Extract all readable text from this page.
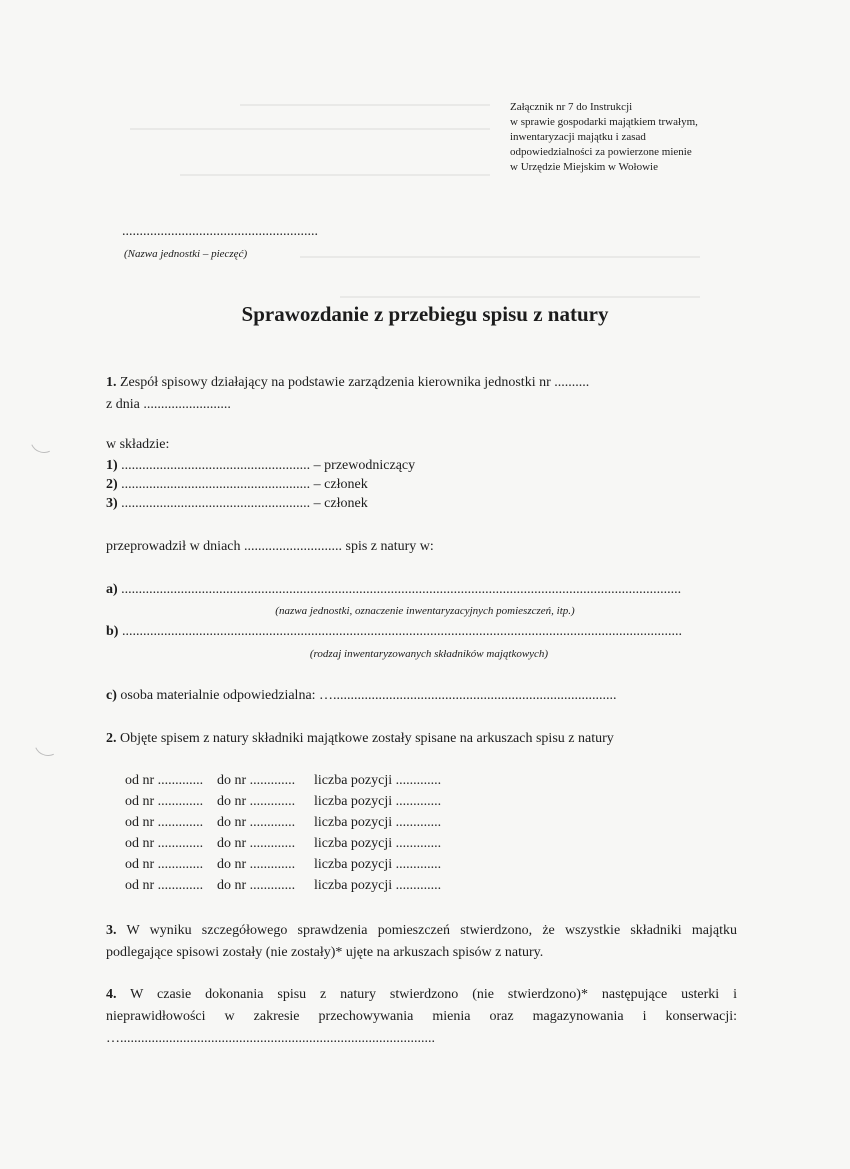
Załącznik nr 7 do Instrukcji
w sprawie gospodarki majątkiem trwałym,
inwentaryzacji majątku i zasad
odpowiedzialności za powierzone mienie
w Urzędzie Miejskim w Wołowie
........................................................
(Nazwa jednostki – pieczęć)
Sprawozdanie z przebiegu spisu z natury
1. Zespół spisowy działający na podstawie zarządzenia kierownika jednostki nr ..........
z dnia .........................
w składzie:
1) ...................................................... – przewodniczący
2) ...................................................... – członek
3) ...................................................... – członek
przeprowadził w dniach ............................ spis z natury w:
a) ................................................................................................................................................................
(nazwa jednostki, oznaczenie inwentaryzacyjnych pomieszczeń, itp.)
b) ................................................................................................................................................................
(rodzaj inwentaryzowanych składników majątkowych)
c) osoba materialnie odpowiedzialna: ….................................................................................
2. Objęte spisem z natury składniki majątkowe zostały spisane na arkuszach spisu z natury
od nr ............. do nr ............. liczba pozycji .............
od nr ............. do nr ............. liczba pozycji .............
od nr ............. do nr ............. liczba pozycji .............
od nr ............. do nr ............. liczba pozycji .............
od nr ............. do nr ............. liczba pozycji .............
od nr ............. do nr ............. liczba pozycji .............
3. W wyniku szczegółowego sprawdzenia pomieszczeń stwierdzono, że wszystkie składniki majątku
podlegające spisowi zostały (nie zostały)* ujęte na arkuszach spisów z natury.
4. W czasie dokonania spisu z natury stwierdzono (nie stwierdzono)* następujące usterki i
nieprawidłowości w zakresie przechowywania mienia oraz magazynowania i konserwacji:
…..........................................................................................
